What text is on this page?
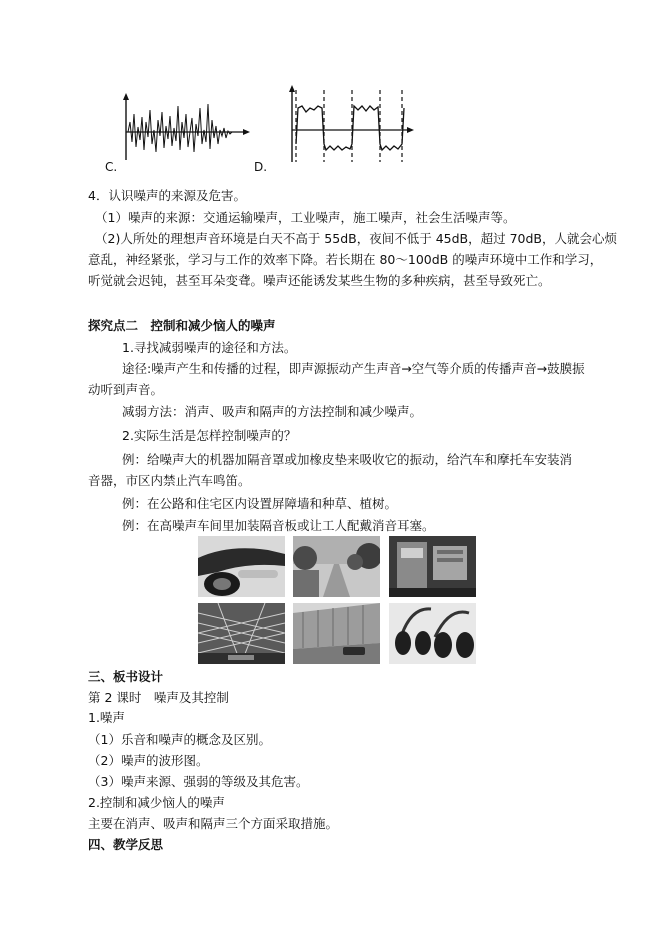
C.	D.
4．认识噪声的来源及危害。
（1）噪声的来源：交通运输噪声，工业噪声，施工噪声，社会生活噪声等。
（2)人所处的理想声音环境是白天不高于 55dB，夜间不低于 45dB，超过 70dB，人就会心烦
意乱，神经紧张，学习与工作的效率下降。若长期在 80～100dB 的噪声环境中工作和学习，
听觉就会迟钝，甚至耳朵变聋。噪声还能诱发某些生物的多种疾病，甚至导致死亡。
探究点二　控制和减少恼人的噪声
1.寻找减弱噪声的途径和方法。
途径:噪声产生和传播的过程，即声源振动产生声音→空气等介质的传播声音→鼓膜振
动听到声音。
减弱方法：消声、吸声和隔声的方法控制和减少噪声。
2.实际生活是怎样控制噪声的？
例：给噪声大的机器加隔音罩或加橡皮垫来吸收它的振动，给汽车和摩托车安装消
音器，市区内禁止汽车鸣笛。
例：在公路和住宅区内设置屏障墙和种草、植树。
例：在高噪声车间里加装隔音板或让工人配戴消音耳塞。
三、板书设计
第 2 课时　噪声及其控制
1.噪声
（1）乐音和噪声的概念及区别。
（2）噪声的波形图。
（3）噪声来源、强弱的等级及其危害。
2.控制和减少恼人的噪声
主要在消声、吸声和隔声三个方面采取措施。
四、教学反思
